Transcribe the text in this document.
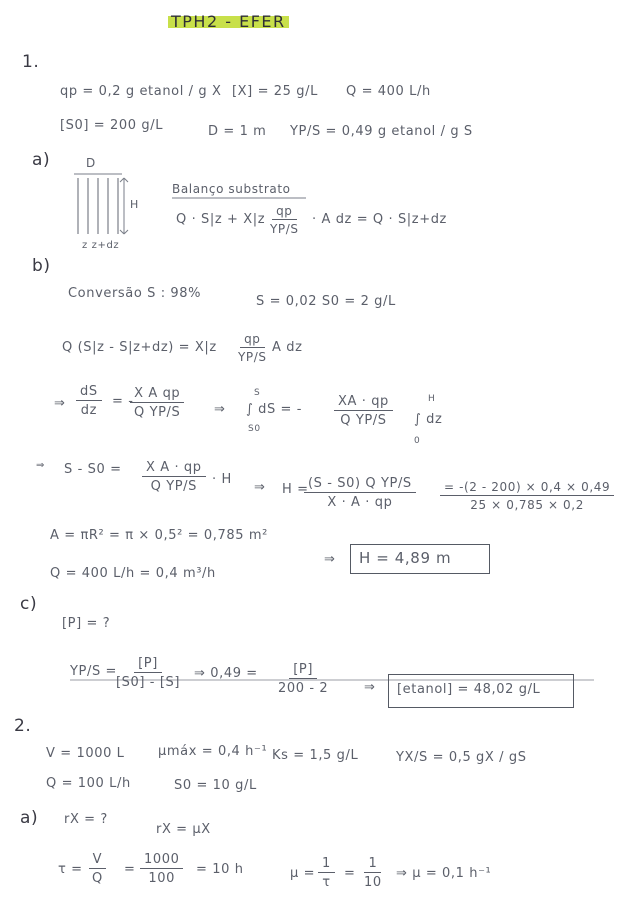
TPH2 - EFER
1.
qp = 0,2 g etanol / g X [X] = 25 g/L Q = 400 L/h
[S0] = 200 g/L	D = 1 m YP/S = 0,49 g etanol / g S
a)	D
H
z z+dz
Balanço substrato
$Q \cdot S|z + X|z \frac{qp}{YP/S} \cdot A$ dz = Q · S|z+dz
b)
Conversão S : 98%
S = 0,02 S0 = 2 g/L
Q $(S|z - S|z+dz) = X|z \frac{qp}{YP/S}$ A dz
⇒ $\frac{dS}{dz}$ = -
$\frac{\text{X A qp}}{\text{Q YP/S}}$ ⇒
S
S0
∫ dS = - $\frac{XA \cdot qp}{\text{Q YP/S}}$	H
0
∫ dz
⇒ $S - S0 = \frac{\text{X A · qp}}{\text{Q YP/S}} \cdot H$
⇒ H =
$\frac{\text{(S - S0) Q YP/S}}{X \cdot A \cdot qp} \frac{= -(2 - 200) \times 0,4 \times 0,49}{25 \times 0,785 \times 0,2}$
A = πR² = π × 0,5² = 0,785 m²
⇒ H = 4,89 m
Q = 400 L/h = 0,4 m³/h
c)
[P] = ?
YP/S =
$\frac{[P]}{[S0] - [S]}$ ⇒ $0,49 = \frac{[P]}{200 - 2}$ ⇒ [etanol] = 48,02 g/L
2.
V = 1000 L	μmáx = 0,4 h⁻¹ Ks = 1,5 g/L	YX/S = 0,5 gX / gS
Q = 100 L/h	S0 = 10 g/L
a) rX = ?
rX = μX
$\tau = \frac{V}{Q} = \frac{1000}{100} = 10$ h	$\mu = \frac{1}{\tau} = \frac{1}{10}$ ⇒ μ = 0,1 h⁻¹
